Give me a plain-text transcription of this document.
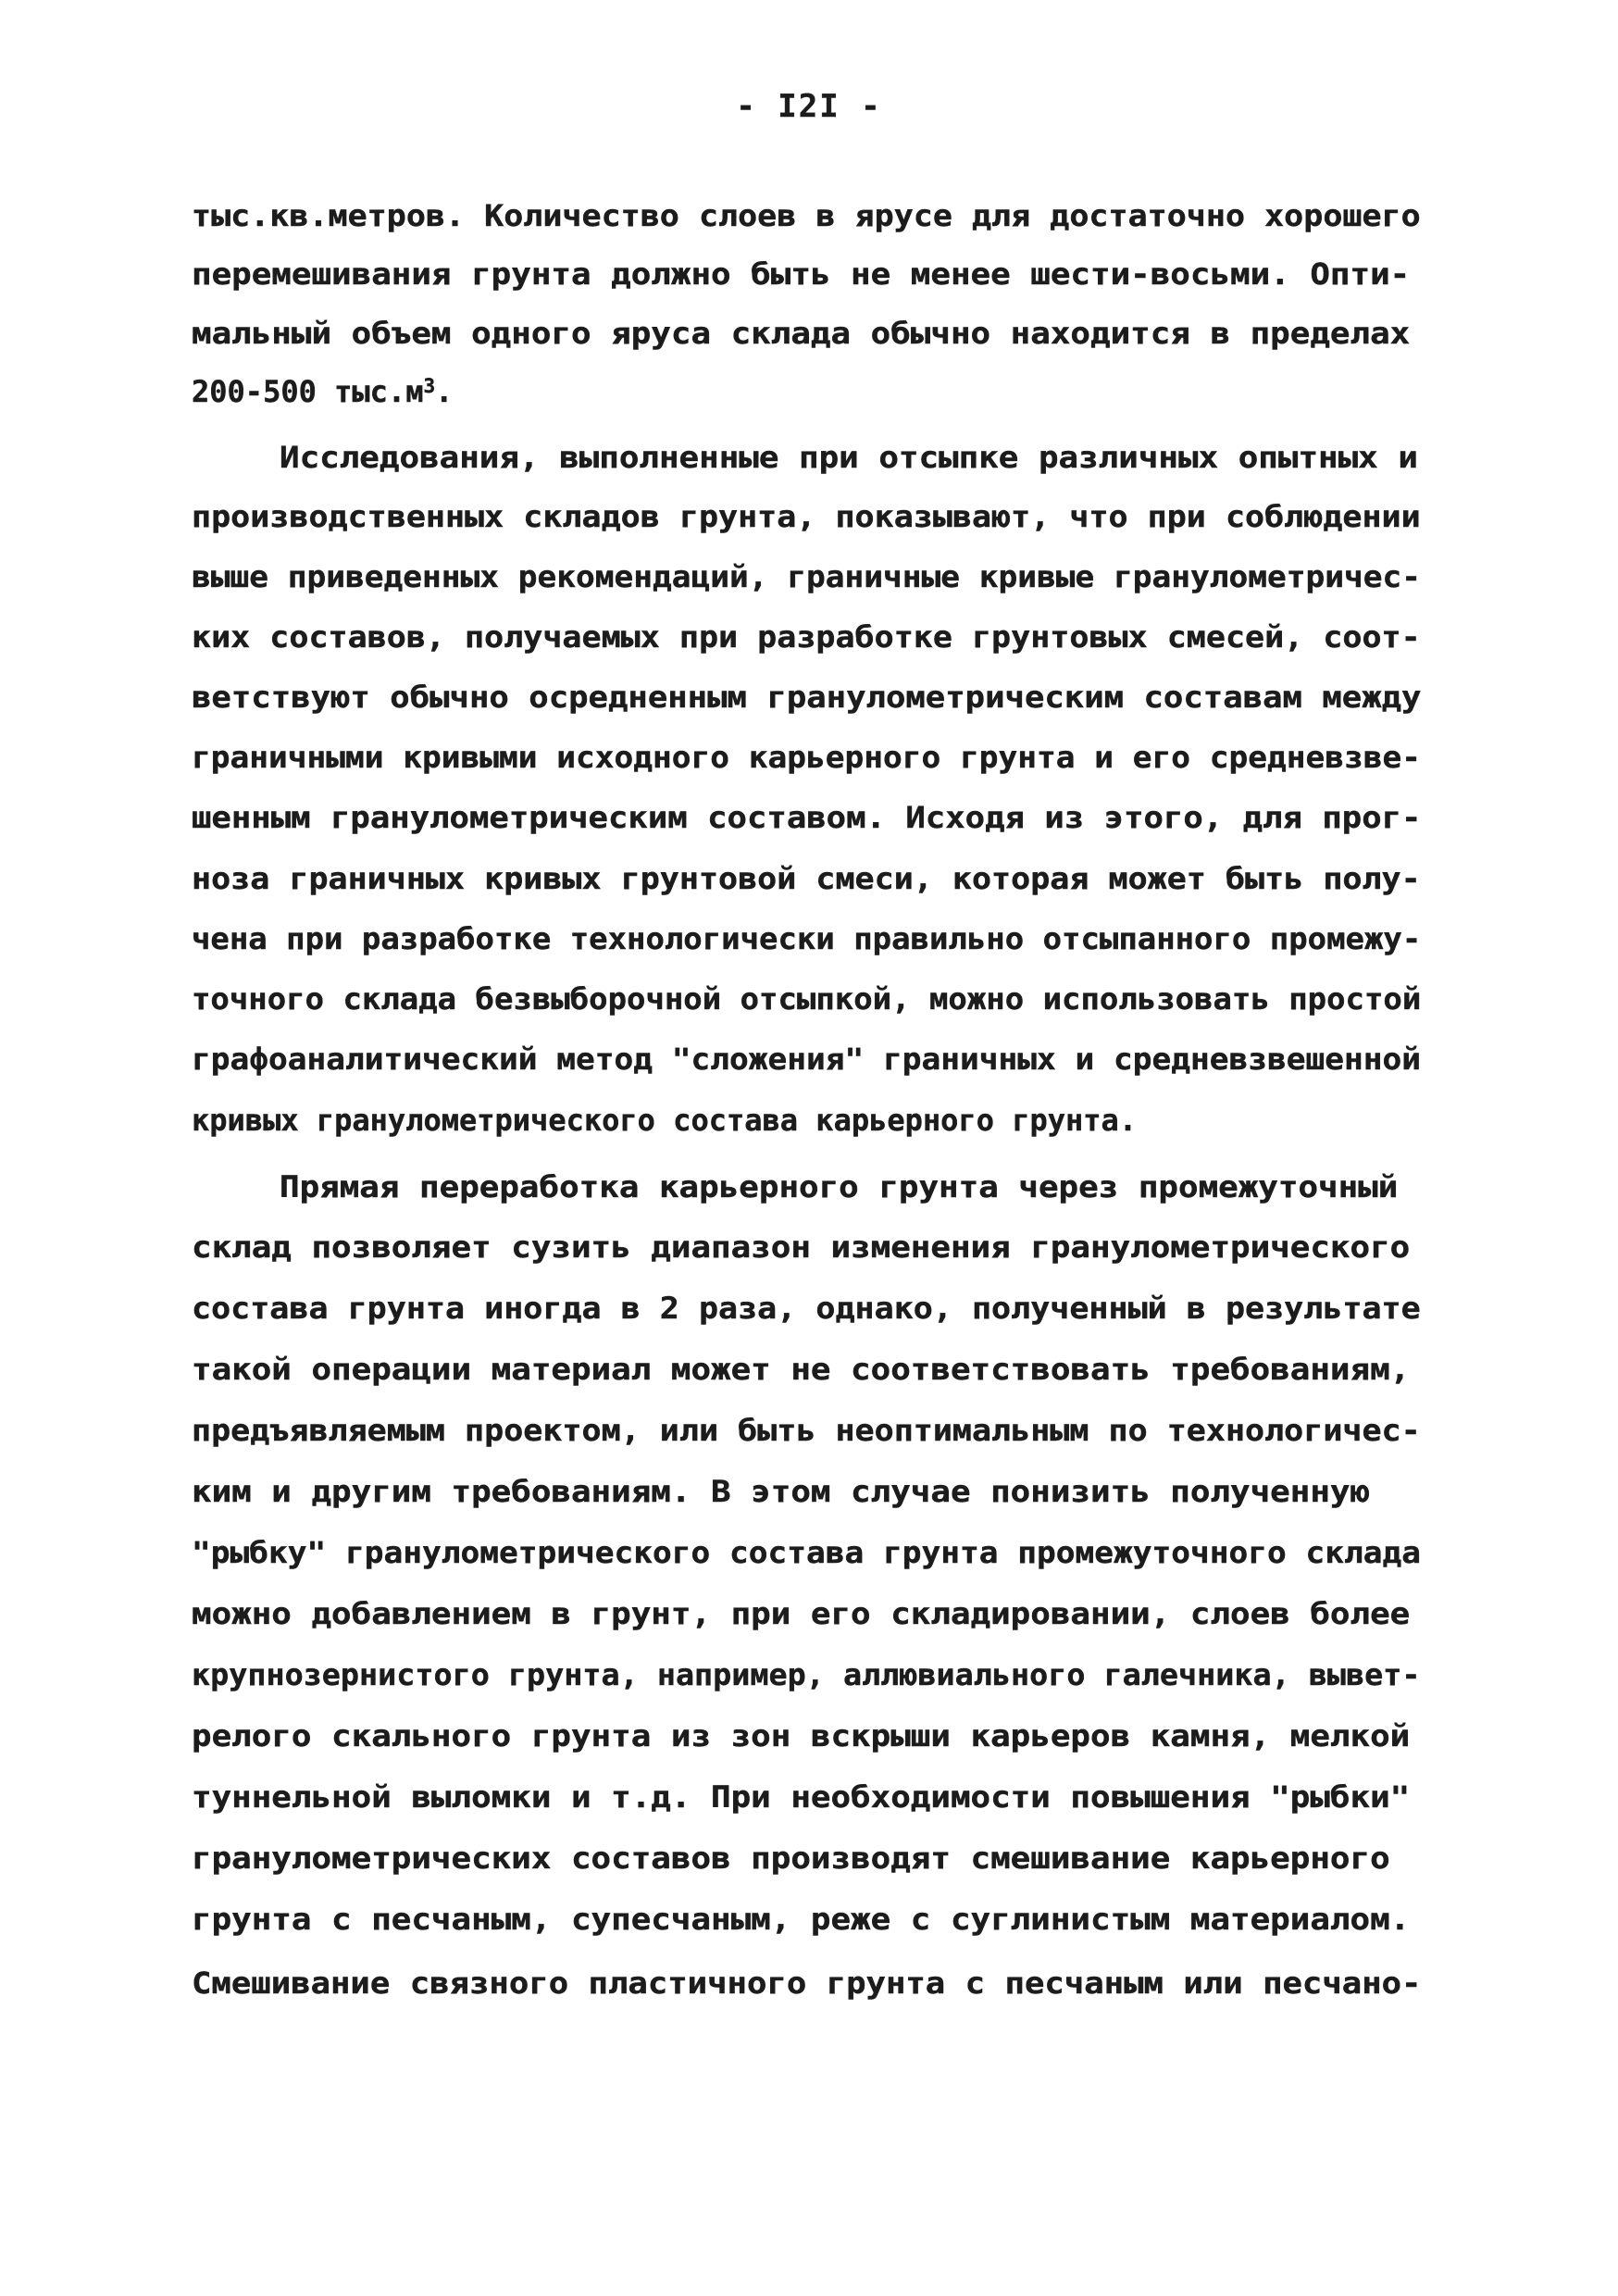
- I2I -
тыс.кв.метров. Количество слоев в ярусе для достаточно хорошего
перемешивания грунта должно быть не менее шести-восьми. Опти-
мальный объем одного яруса склада обычно находится в пределах
200-500 $тыс.м^3$.
Исследования, выполненные при отсыпке различных опытных и
производственных складов грунта, показывают, что при соблюдении
выше приведенных рекомендаций, граничные кривые гранулометричес-
ких составов, получаемых при разработке грунтовых смесей, соот-
ветствуют обычно осредненным гранулометрическим составам между
граничными кривыми исходного карьерного грунта и его средневзве-
шенным гранулометрическим составом. Исходя из этого, для прог-
ноза граничных кривых грунтовой смеси, которая может быть полу-
чена при разработке технологически правильно отсыпанного промежу-
точного склада безвыборочной отсыпкой, можно использовать простой
графоаналитический метод "сложения" граничных и средневзвешенной
кривых гранулометрического состава карьерного грунта.
Прямая переработка карьерного грунта через промежуточный
склад позволяет сузить диапазон изменения гранулометрического
состава грунта иногда в 2 раза, однако, полученный в результате
такой операции материал может не соответствовать требованиям,
предъявляемым проектом, или быть неоптимальным по технологичес-
ким и другим требованиям. В этом случае понизить полученную
"рыбку" гранулометрического состава грунта промежуточного склада
можно добавлением в грунт, при его складировании, слоев более
крупнозернистого грунта, например, аллювиального галечника, вывет-
релого скального грунта из зон вскрыши карьеров камня, мелкой
туннельной выломки и т.д. При необходимости повышения "рыбки"
гранулометрических составов производят смешивание карьерного
грунта с песчаным, супесчаным, реже с суглинистым материалом.
Смешивание связного пластичного грунта с песчаным или песчано-
